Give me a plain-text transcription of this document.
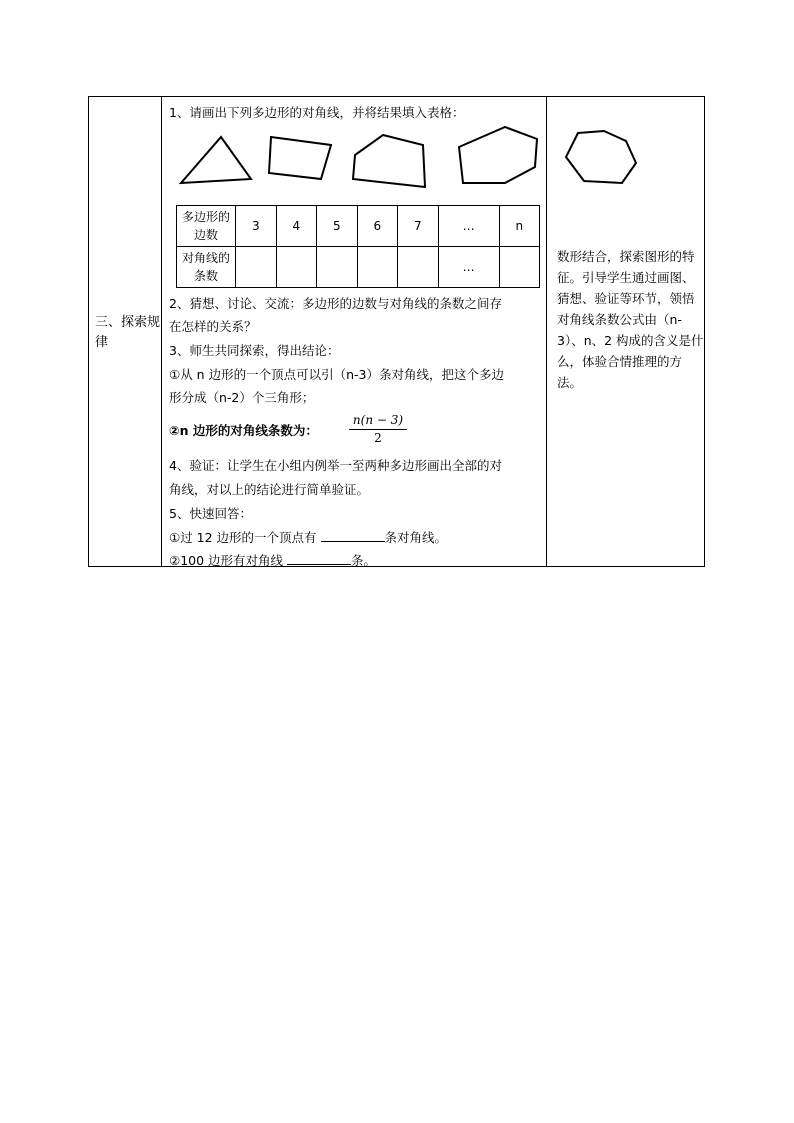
三、探索规律
1、请画出下列多边形的对角线，并将结果填入表格：
多边形的边数	3	4	5	6	7	…	n
对角线的条数						…	
2、猜想、讨论、交流：多边形的边数与对角线的条数之间存
在怎样的关系？
3、师生共同探索，得出结论：
①从 n 边形的一个顶点可以引（n-3）条对角线，把这个多边
形分成（n-2）个三角形；
②n 边形的对角线条数为：
n(n − 3)
2
4、验证：让学生在小组内例举一至两种多边形画出全部的对
角线，对以上的结论进行简单验证。
5、快速回答：
①过 12 边形的一个顶点有	条对角线。
②100 边形有对角线	条。
数形结合，探索图形的特征。引导学生通过画图、猜想、验证等环节，领悟对角线条数公式由（n-3）、n、2 构成的含义是什么，体验合情推理的方法。
